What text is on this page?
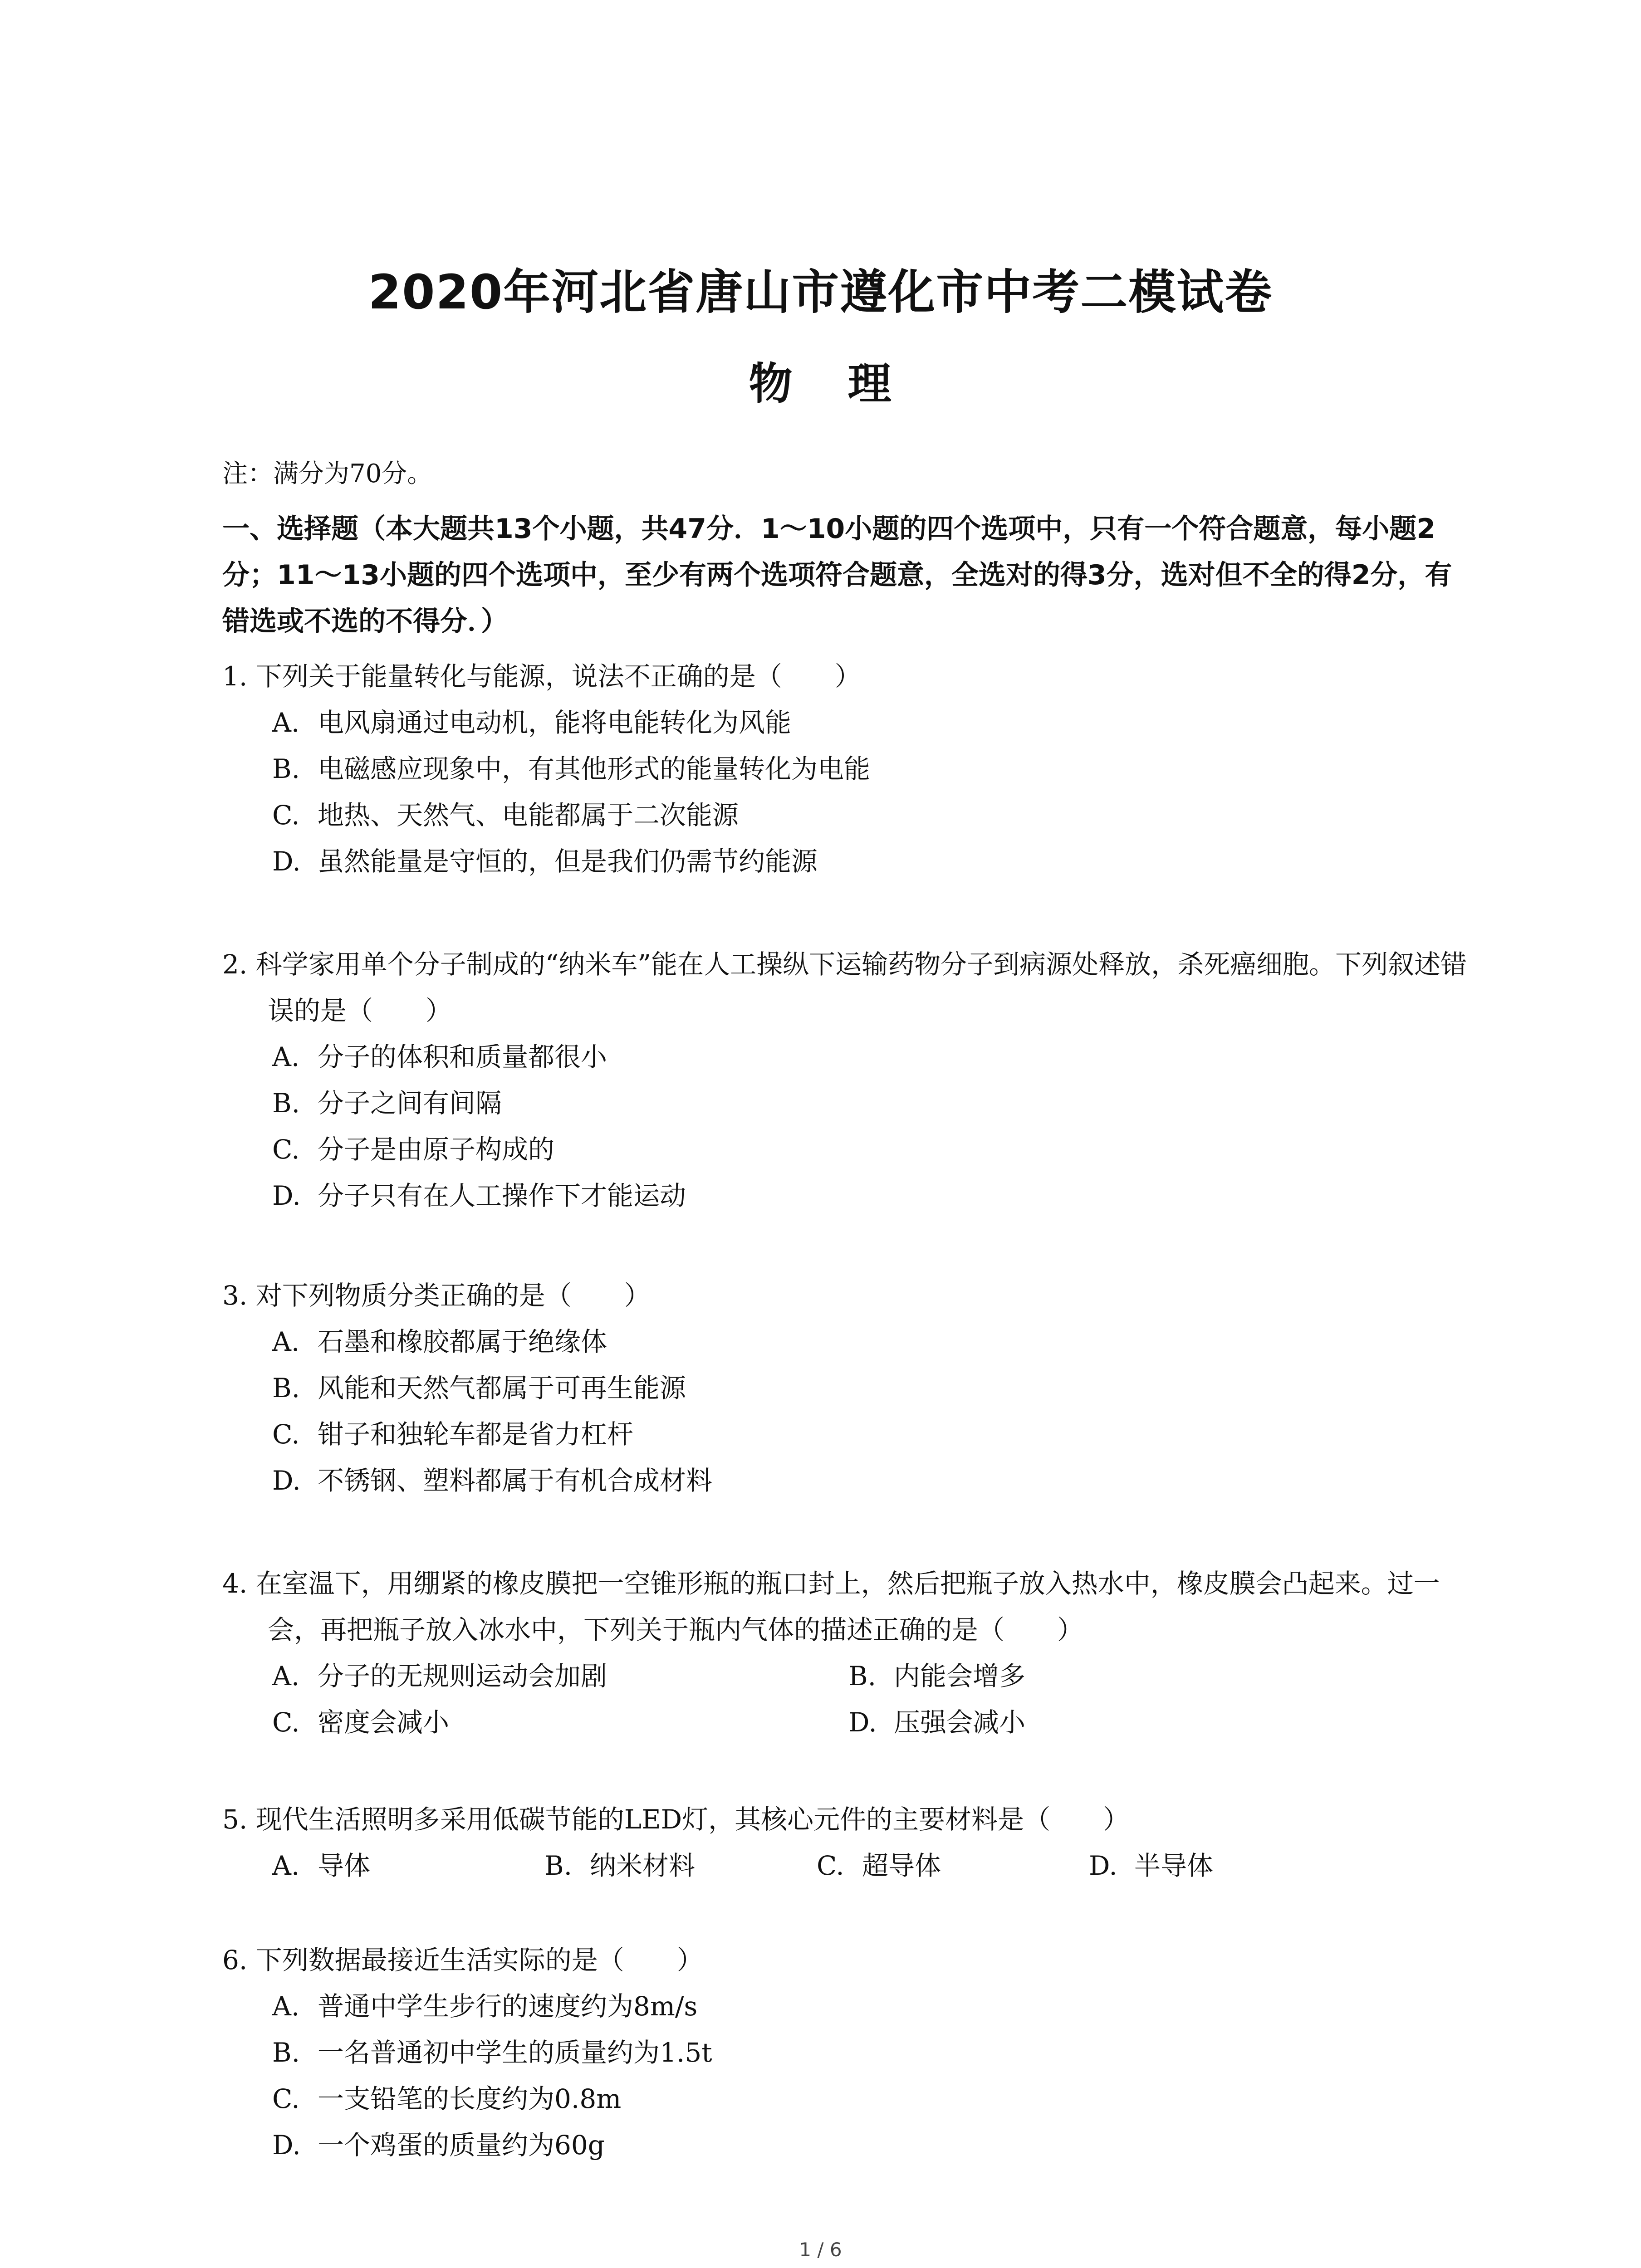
2020年河北省唐山市遵化市中考二模试卷
物 理
注：满分为70分。
一、选择题（本大题共13个小题，共47分．1～10小题的四个选项中，只有一个符合题意，每小题2分；11～13小题的四个选项中，至少有两个选项符合题意，全选对的得3分，选对但不全的得2分，有错选或不选的不得分．）
1. 下列关于能量转化与能源，说法不正确的是（　　）
A. 电风扇通过电动机，能将电能转化为风能
B. 电磁感应现象中，有其他形式的能量转化为电能
C. 地热、天然气、电能都属于二次能源
D. 虽然能量是守恒的，但是我们仍需节约能源
2. 科学家用单个分子制成的“纳米车”能在人工操纵下运输药物分子到病源处释放，杀死癌细胞。下列叙述错误的是（　　）
A. 分子的体积和质量都很小
B. 分子之间有间隔
C. 分子是由原子构成的
D. 分子只有在人工操作下才能运动
3. 对下列物质分类正确的是（　　）
A. 石墨和橡胶都属于绝缘体
B. 风能和天然气都属于可再生能源
C. 钳子和独轮车都是省力杠杆
D. 不锈钢、塑料都属于有机合成材料
4. 在室温下，用绷紧的橡皮膜把一空锥形瓶的瓶口封上，然后把瓶子放入热水中，橡皮膜会凸起来。过一会，再把瓶子放入冰水中，下列关于瓶内气体的描述正确的是（　　）
A. 分子的无规则运动会加剧	B. 内能会增多
C. 密度会减小	D. 压强会减小
5. 现代生活照明多采用低碳节能的LED灯，其核心元件的主要材料是（　　）
A. 导体	B. 纳米材料	C. 超导体	D. 半导体
6. 下列数据最接近生活实际的是（　　）
A. 普通中学生步行的速度约为8m/s
B. 一名普通初中学生的质量约为1.5t
C. 一支铅笔的长度约为0.8m
D. 一个鸡蛋的质量约为60g
1 / 6
